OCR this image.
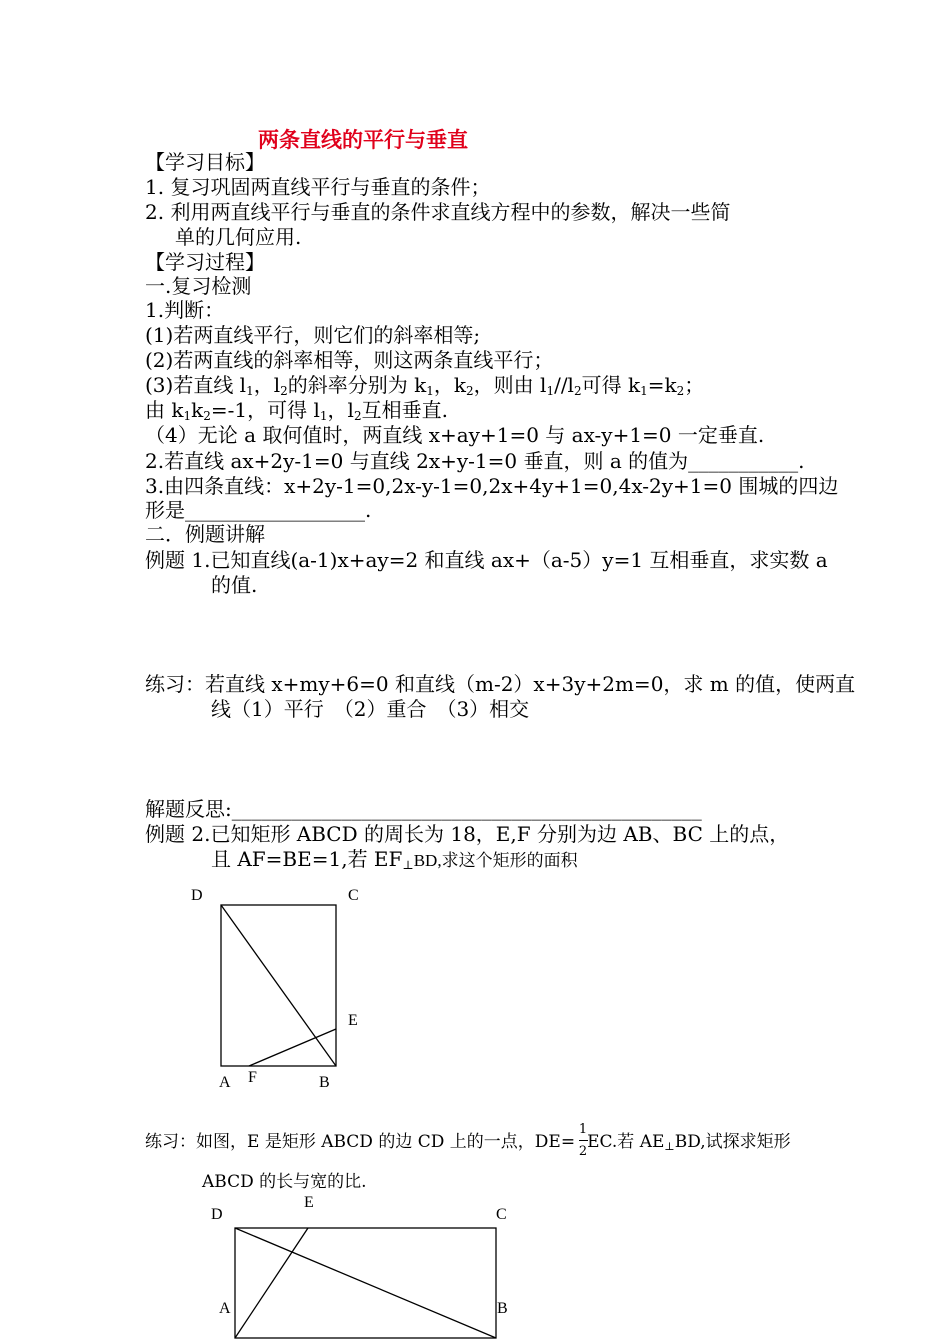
两条直线的平行与垂直
【学习目标】
1. 复习巩固两直线平行与垂直的条件；
2. 利用两直线平行与垂直的条件求直线方程中的参数，解决一些简
单的几何应用.
【学习过程】
一.复习检测
1.判断：
(1)若两直线平行，则它们的斜率相等;
(2)若两直线的斜率相等，则这两条直线平行；
(3)若直线 $l_1$，$l_2$的斜率分别为 $k_1$，$k_2$，则由 $l_1//l_2$可得 $k_1=k_2$；
由 $k_1k_2=-1$，可得 $l_1$，$l_2$互相垂直.
（4）无论 a 取何值时，两直线 x+ay+1=0 与 ax-y+1=0 一定垂直.
2.若直线 ax+2y-1=0 与直线 2x+y-1=0 垂直，则 a 的值为___________.
3.由四条直线：x+2y-1=0,2x-y-1=0,2x+4y+1=0,4x-2y+1=0 围城的四边
形是__________________.
二．例题讲解
例题 1.已知直线(a-1)x+ay=2 和直线 ax+（a-5）y=1 互相垂直，求实数 a
的值.
练习：若直线 x+my+6=0 和直线（m-2）x+3y+2m=0，求 m 的值，使两直
线（1）平行　（2）重合　（3）相交
解题反思:_______________________________________________
例题 2.已知矩形 ABCD 的周长为 18，E,F 分别为边 AB、BC 上的点，
且 AF=BE=1,若 EF⊥BD,求这个矩形的面积
D	C
E
A F	B
练习：如图，E 是矩形 ABCD 的边 CD 上的一点，DE= EC.若 AE⊥BD,试探求矩形
1
2
ABCD 的长与宽的比.
E
D	C
A	B
